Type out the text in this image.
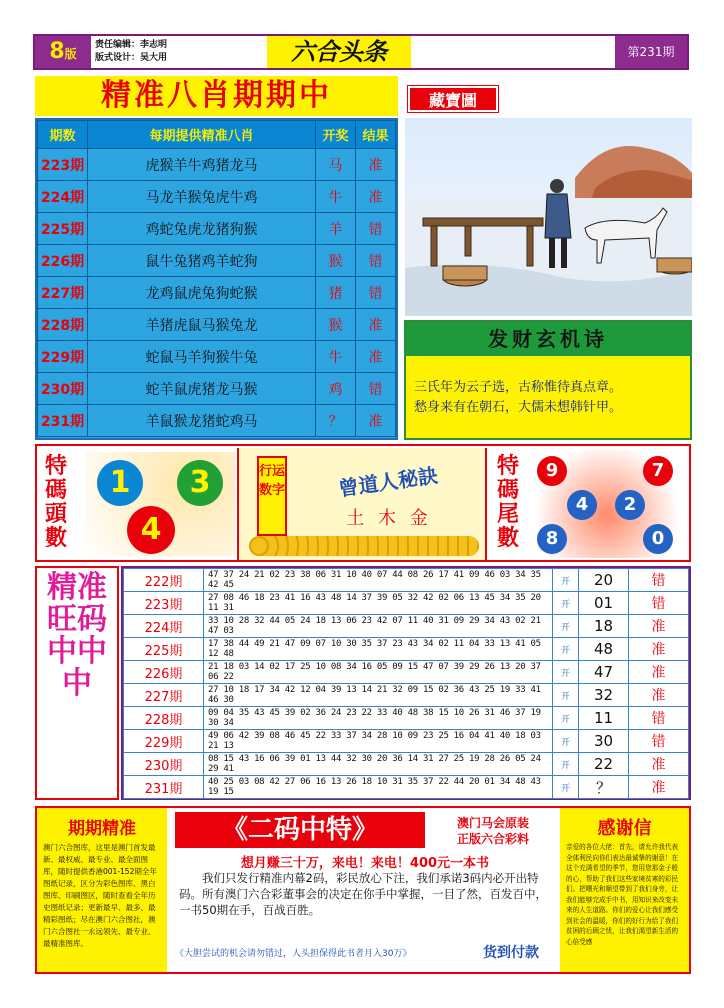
8版
责任编辑：李志明
版式设计：吴大用	六合头条	第231期
精准八肖期期中
期数	每期提供精准八肖	开奖	结果
223期	虎猴羊牛鸡猪龙马	马	准
224期	马龙羊猴兔虎牛鸡	牛	准
225期	鸡蛇兔虎龙猪狗猴	羊	错
226期	鼠牛兔猪鸡羊蛇狗	猴	错
227期	龙鸡鼠虎兔狗蛇猴	猪	错
228期	羊猪虎鼠马猴兔龙	猴	准
229期	蛇鼠马羊狗猴牛兔	牛	准
230期	蛇羊鼠虎猪龙马猴	鸡	错
231期	羊鼠猴龙猪蛇鸡马	？	准
藏寶圖
发财玄机诗
三氏年为云子选，古称惟待真点章。
愁身来有在朝石，大儒未想韩针甲。
特碼頭數
1	3
4
行运数字	曾道人秘訣
土 木 金
特碼尾數
9	7
4	2
8	0
精准旺码中中中
222期	47 37 24 21 02 23 38 06 31 10 40 07 44 08 26 17 41 09 46 03 34 35 42 45	开	20	错
223期	27 08 46 18 23 41 16 43 48 14 37 39 05 32 42 02 06 13 45 34 35 20 11 31	开	01	错
224期	33 10 28 32 44 05 24 18 13 06 23 42 07 11 40 31 09 29 34 43 02 21 47 03	开	18	准
225期	17 38 44 49 21 47 09 07 10 30 35 37 23 43 34 02 11 04 33 13 41 05 12 48	开	48	准
226期	21 18 03 14 02 17 25 10 08 34 16 05 09 15 47 07 39 29 26 13 20 37 06 22	开	47	准
227期	27 10 18 17 34 42 12 04 39 13 14 21 32 09 15 02 36 43 25 19 33 41 46 30	开	32	准
228期	09 04 35 43 45 39 02 36 24 23 22 33 40 48 38 15 10 26 31 46 37 19 30 34	开	11	错
229期	49 06 42 39 08 46 45 22 33 37 34 28 10 09 23 25 16 04 41 40 18 03 21 13	开	30	错
230期	08 15 43 16 06 39 01 13 44 32 30 20 36 14 31 27 25 19 28 26 05 24 29 41	开	22	准
231期	40 25 03 08 42 27 06 16 13 26 18 10 31 35 37 22 44 20 01 34 48 43 19 15	开	？	准
期期精准
澳门六合图库，这里是澳门首发最新、最权威、最专业、最全面图库，随时提供香港001-152期全年图纸记录，区分为彩色图库、黑白图库、印刷图区，随时查看全年历史图纸记录；更新最早、最多、最精彩图纸；尽在澳门六合图社，澳门六合图社一永远领先、最专业、最精准图库。
《二码中特》	澳门马会原装
正版六合彩料
想月赚三十万，来电！来电！400元一本书
我们只发行精准内幕2码，彩民放心下注，我们承诺3码内必开出特码。所有澳门六合彩董事会的决定在你手中掌握，一目了然，百发百中，一书50期在手，百战百胜。
《大胆尝试的机会请勿错过，人头担保得此书者月入30万》	货到付款
感谢信
亲爱的各位大佬：首先，请允许我代表全体利民向你们表达最诚挚的谢意！在这个充满希望的季节，您用您那金子般的心，帮助了我们这些家境贫寒的彩民们。把曙光和顺望带到了我们身旁，让我们能够完成手中书，用知识来改变未来的人生道路。你们的爱心让我们感受到社会的温暖，你们的好行为给了我们贫困的后顾之忧，让我们渴望新生活的心倍受感
